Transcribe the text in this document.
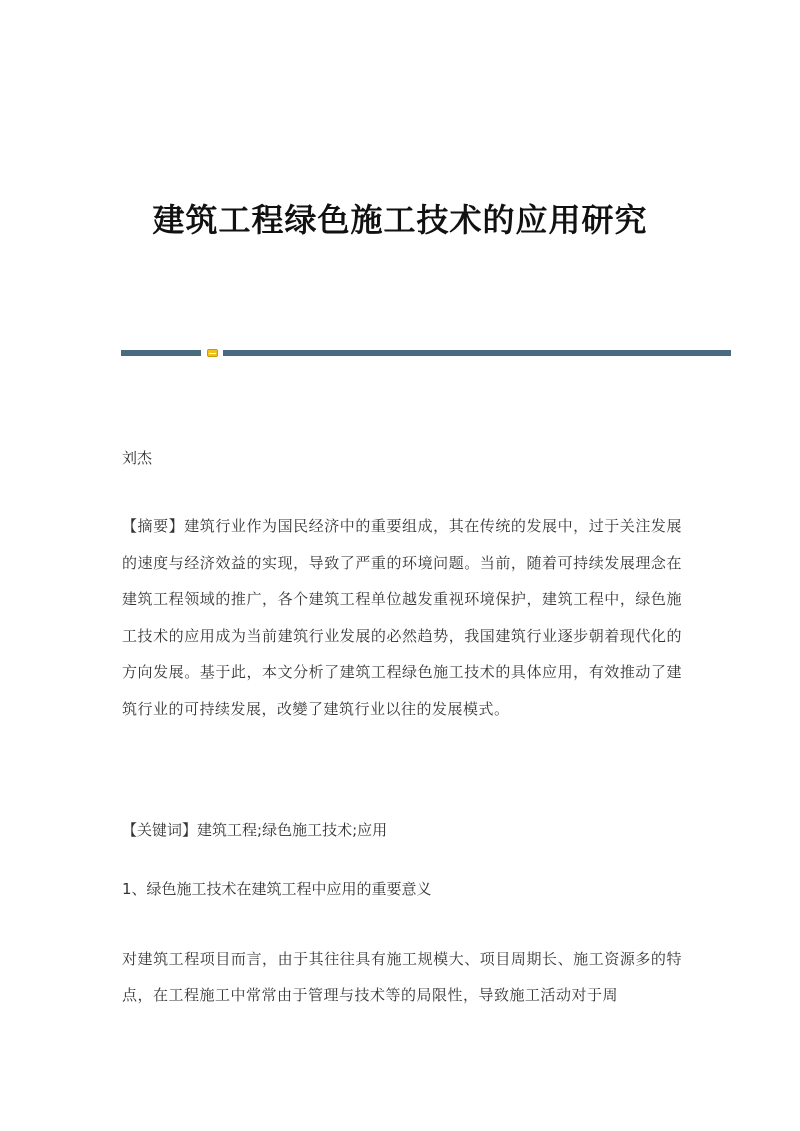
建筑工程绿色施工技术的应用研究

刘杰

【摘要】建筑行业作为国民经济中的重要组成，其在传统的发展中，过于关注发展的速度与经济效益的实现，导致了严重的环境问题。当前，随着可持续发展理念在建筑工程领域的推广，各个建筑工程单位越发重视环境保护，建筑工程中，绿色施工技术的应用成为当前建筑行业发展的必然趋势，我国建筑行业逐步朝着现代化的方向发展。基于此，本文分析了建筑工程绿色施工技术的具体应用，有效推动了建筑行业的可持续发展，改變了建筑行业以往的发展模式。

【关键词】建筑工程;绿色施工技术;应用

1、绿色施工技术在建筑工程中应用的重要意义

对建筑工程项目而言，由于其往往具有施工规模大、项目周期长、施工资源多的特点，在工程施工中常常由于管理与技术等的局限性，导致施工活动对于周
